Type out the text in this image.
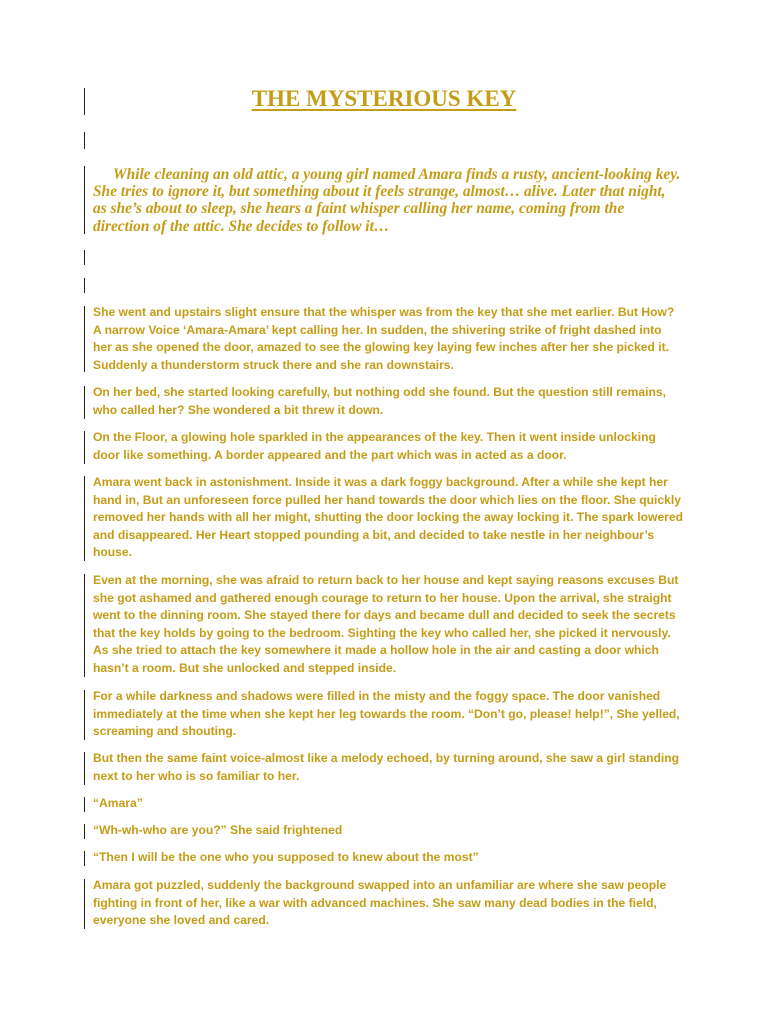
THE MYSTERIOUS KEY

While cleaning an old attic, a young girl named Amara finds a rusty, ancient-looking key. She tries to ignore it, but something about it feels strange, almost… alive. Later that night, as she’s about to sleep, she hears a faint whisper calling her name, coming from the direction of the attic. She decides to follow it…

She went and upstairs slight ensure that the whisper was from the key that she met earlier. But How? A narrow Voice ‘Amara-Amara’ kept calling her. In sudden, the shivering strike of fright dashed into her as she opened the door, amazed to see the glowing key laying few inches after her she picked it. Suddenly a thunderstorm struck there and she ran downstairs.

On her bed, she started looking carefully, but nothing odd she found. But the question still remains, who called her? She wondered a bit threw it down.

On the Floor, a glowing hole sparkled in the appearances of the key. Then it went inside unlocking door like something. A border appeared and the part which was in acted as a door.

Amara went back in astonishment. Inside it was a dark foggy background. After a while she kept her hand in, But an unforeseen force pulled her hand towards the door which lies on the floor. She quickly removed her hands with all her might, shutting the door locking the away locking it. The spark lowered and disappeared. Her Heart stopped pounding a bit, and decided to take nestle in her neighbour’s house.

Even at the morning, she was afraid to return back to her house and kept saying reasons excuses But she got ashamed and gathered enough courage to return to her house. Upon the arrival, she straight went to the dinning room. She stayed there for days and became dull and decided to seek the secrets that the key holds by going to the bedroom. Sighting the key who called her, she picked it nervously. As she tried to attach the key somewhere it made a hollow hole in the air and casting a door which hasn’t a room. But she unlocked and stepped inside.

For a while darkness and shadows were filled in the misty and the foggy space. The door vanished immediately at the time when she kept her leg towards the room. “Don’t go, please! help!”, She yelled, screaming and shouting.

But then the same faint voice-almost like a melody echoed, by turning around, she saw a girl standing next to her who is so familiar to her.

“Amara”

“Wh-wh-who are you?” She said frightened

“Then I will be the one who you supposed to knew about the most”

Amara got puzzled, suddenly the background swapped into an unfamiliar are where she saw people fighting in front of her, like a war with advanced machines. She saw many dead bodies in the field, everyone she loved and cared.
